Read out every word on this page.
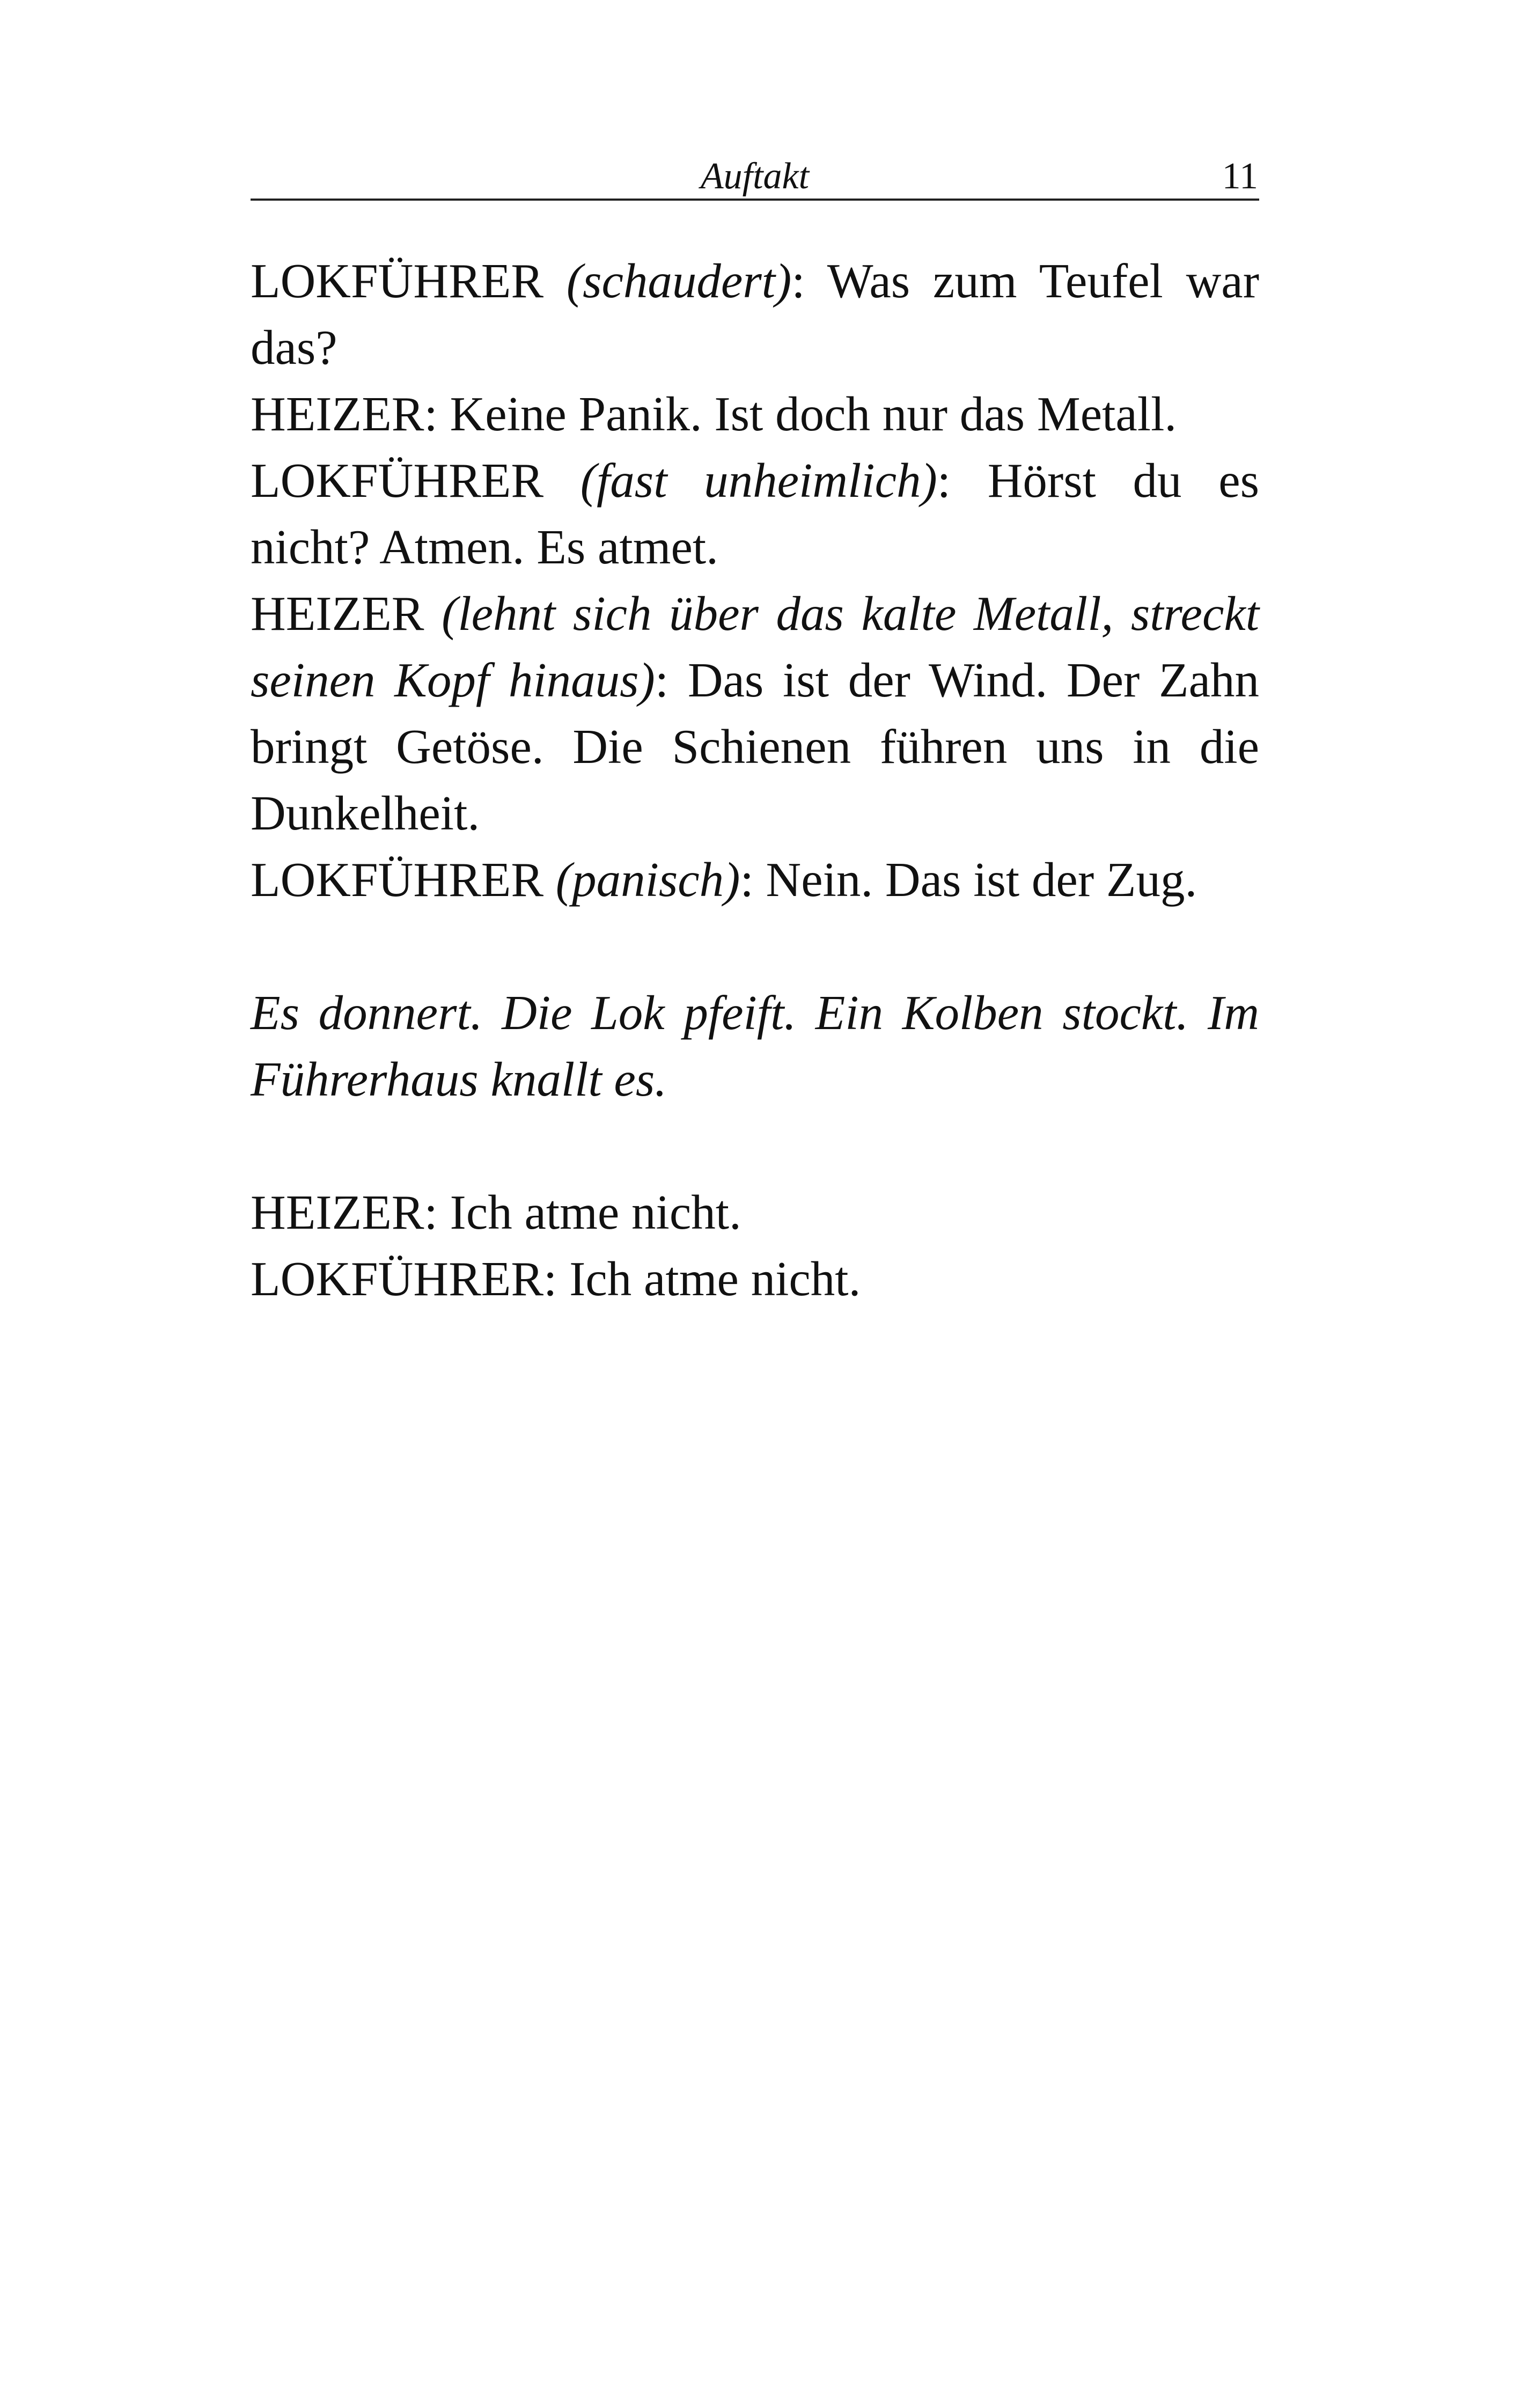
Auftakt	11

LOKFÜHRER (schaudert): Was zum Teufel war das?

HEIZER: Keine Panik. Ist doch nur das Metall.

LOKFÜHRER (fast unheimlich): Hörst du es nicht? Atmen. Es atmet.

HEIZER (lehnt sich über das kalte Metall, streckt seinen Kopf hinaus): Das ist der Wind. Der Zahn bringt Getöse. Die Schienen führen uns in die Dunkelheit.

LOKFÜHRER (panisch): Nein. Das ist der Zug.

Es donnert. Die Lok pfeift. Ein Kolben stockt. Im Führerhaus knallt es.

HEIZER: Ich atme nicht.

LOKFÜHRER: Ich atme nicht.
